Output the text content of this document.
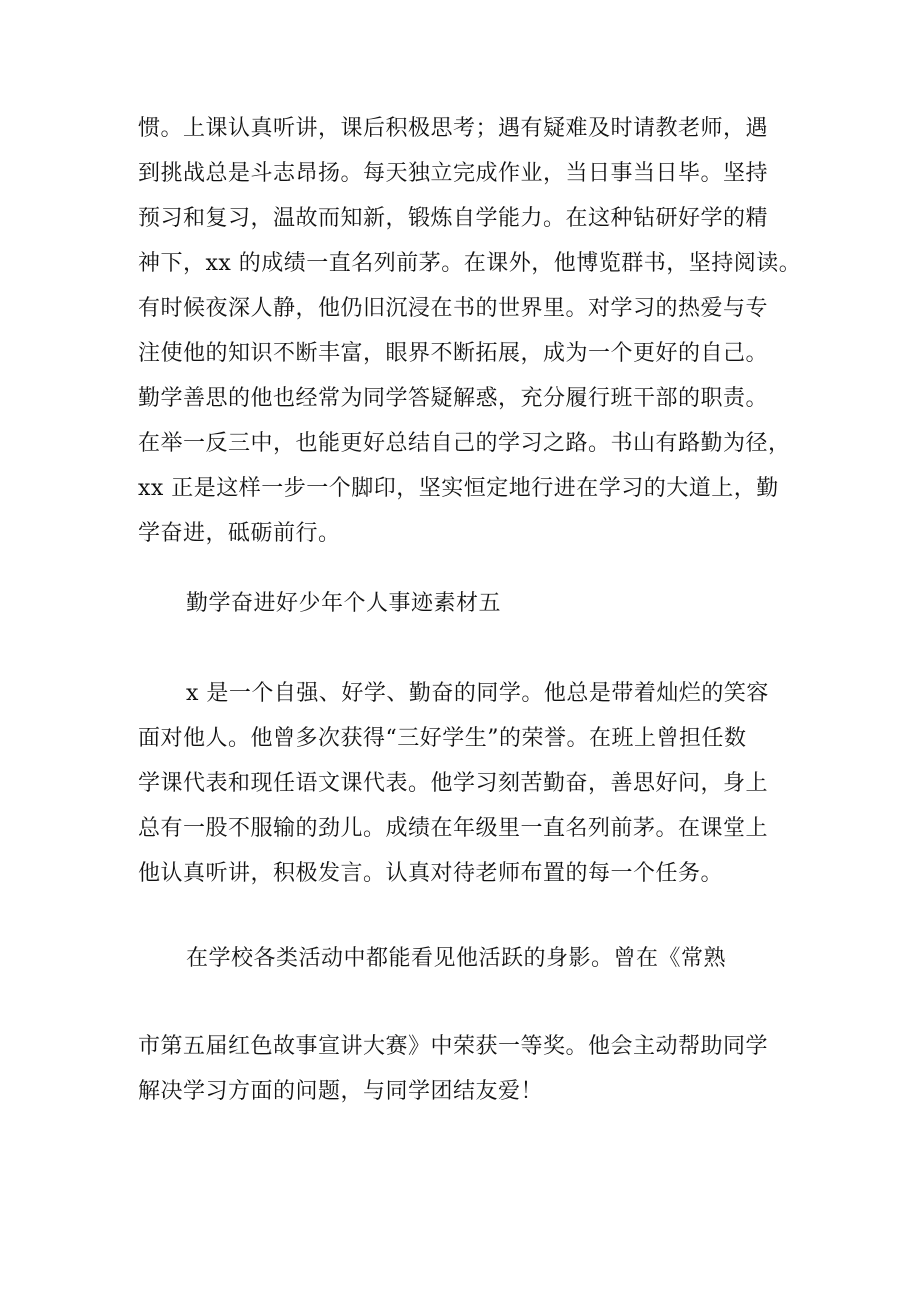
惯。上课认真听讲，课后积极思考；遇有疑难及时请教老师，遇
到挑战总是斗志昂扬。每天独立完成作业，当日事当日毕。坚持
预习和复习，温故而知新，锻炼自学能力。在这种钻研好学的精
神下，xx 的成绩一直名列前茅。在课外，他博览群书，坚持阅读。
有时候夜深人静，他仍旧沉浸在书的世界里。对学习的热爱与专
注使他的知识不断丰富，眼界不断拓展，成为一个更好的自己。
勤学善思的他也经常为同学答疑解惑，充分履行班干部的职责。
在举一反三中，也能更好总结自己的学习之路。书山有路勤为径，
xx 正是这样一步一个脚印，坚实恒定地行进在学习的大道上，勤
学奋进，砥砺前行。
勤学奋进好少年个人事迹素材五
x 是一个自强、好学、勤奋的同学。他总是带着灿烂的笑容
面对他人。他曾多次获得“三好学生”的荣誉。在班上曾担任数
学课代表和现任语文课代表。他学习刻苦勤奋，善思好问，身上
总有一股不服输的劲儿。成绩在年级里一直名列前茅。在课堂上
他认真听讲，积极发言。认真对待老师布置的每一个任务。
在学校各类活动中都能看见他活跃的身影。曾在《常熟
市第五届红色故事宣讲大赛》中荣获一等奖。他会主动帮助同学
解决学习方面的问题，与同学团结友爱！
